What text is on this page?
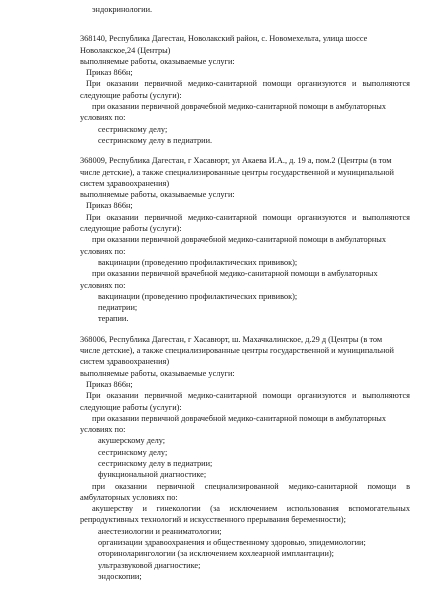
эндокринологии.
368140, Республика Дагестан, Новолакский район, с. Новомехельта, улица шоссе
Новолакское,24 (Центры)
выполняемые работы, оказываемые услуги:
Приказ 866н;
При оказании первичной медико-санитарной помощи организуются и выполняются
следующие работы (услуги):
при оказании первичной доврачебной медико-санитарной помощи в амбулаторных
условиях по:
сестринскому делу;
сестринскому делу в педиатрии.
368009, Республика Дагестан, г Хасавюрт, ул Акаева И.А., д. 19 а, пом.2 (Центры (в том
числе детские), а также специализированные центры государственной и муниципальной
систем здравоохранения)
выполняемые работы, оказываемые услуги:
Приказ 866н;
При оказании первичной медико-санитарной помощи организуются и выполняются
следующие работы (услуги):
при оказании первичной доврачебной медико-санитарной помощи в амбулаторных
условиях по:
вакцинации (проведению профилактических прививок);
при оказании первичной врачебной медико-санитарной помощи в амбулаторных
условиях по:
вакцинации (проведению профилактических прививок);
педиатрии;
терапии.
368006, Республика Дагестан, г Хасавюрт, ш. Махачкалинское, д.29 д (Центры (в том
числе детские), а также специализированные центры государственной и муниципальной
систем здравоохранения)
выполняемые работы, оказываемые услуги:
Приказ 866н;
При оказании первичной медико-санитарной помощи организуются и выполняются
следующие работы (услуги):
при оказании первичной доврачебной медико-санитарной помощи в амбулаторных
условиях по:
акушерскому делу;
сестринскому делу;
сестринскому делу в педиатрии;
функциональной диагностике;
при оказании первичной специализированной медико-санитарной помощи в
амбулаторных условиях по:
акушерству и гинекологии (за исключением использования вспомогательных
репродуктивных технологий и искусственного прерывания беременности);
анестезиологии и реаниматологии;
организации здравоохранения и общественному здоровью, эпидемиологии;
оториноларингологии (за исключением кохлеарной имплантации);
ультразвуковой диагностике;
эндоскопии;
